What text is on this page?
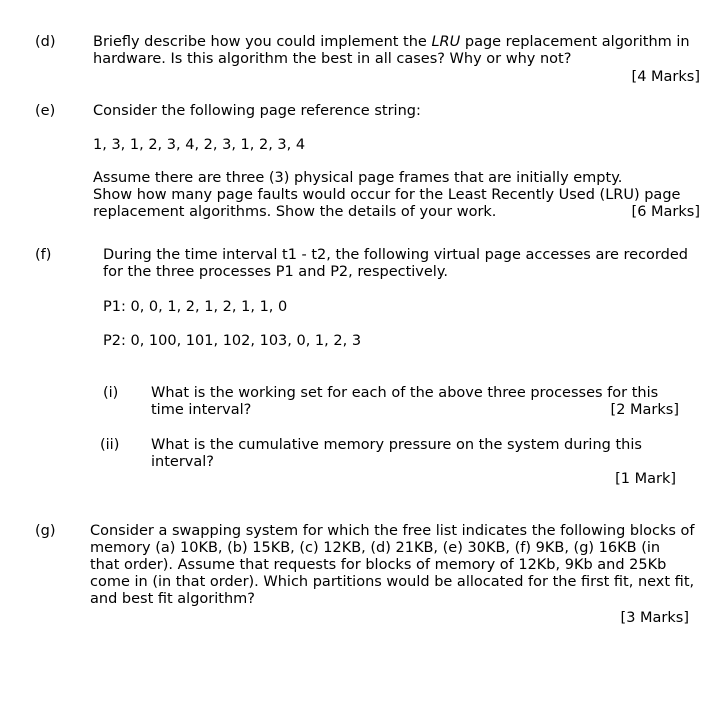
(d)	Briefly describe how you could implement the LRU page replacement algorithm in
hardware. Is this algorithm the best in all cases? Why or why not?
[4 Marks]
(e)	Consider the following page reference string:
1, 3, 1, 2, 3, 4, 2, 3, 1, 2, 3, 4
Assume there are three (3) physical page frames that are initially empty.
Show how many page faults would occur for the Least Recently Used (LRU) page
replacement algorithms. Show the details of your work.	[6 Marks]
(f)	During the time interval t1 - t2, the following virtual page accesses are recorded
for the three processes P1 and P2, respectively.
P1: 0, 0, 1, 2, 1, 2, 1, 1, 0
P2: 0, 100, 101, 102, 103, 0, 1, 2, 3
(i) What is the working set for each of the above three processes for this
time interval?	[2 Marks]
(ii) What is the cumulative memory pressure on the system during this
interval?
[1 Mark]
(g) Consider a swapping system for which the free list indicates the following blocks of
memory (a) 10KB, (b) 15KB, (c) 12KB, (d) 21KB, (e) 30KB, (f) 9KB, (g) 16KB (in
that order). Assume that requests for blocks of memory of 12Kb, 9Kb and 25Kb
come in (in that order). Which partitions would be allocated for the first fit, next fit,
and best fit algorithm?
[3 Marks]
